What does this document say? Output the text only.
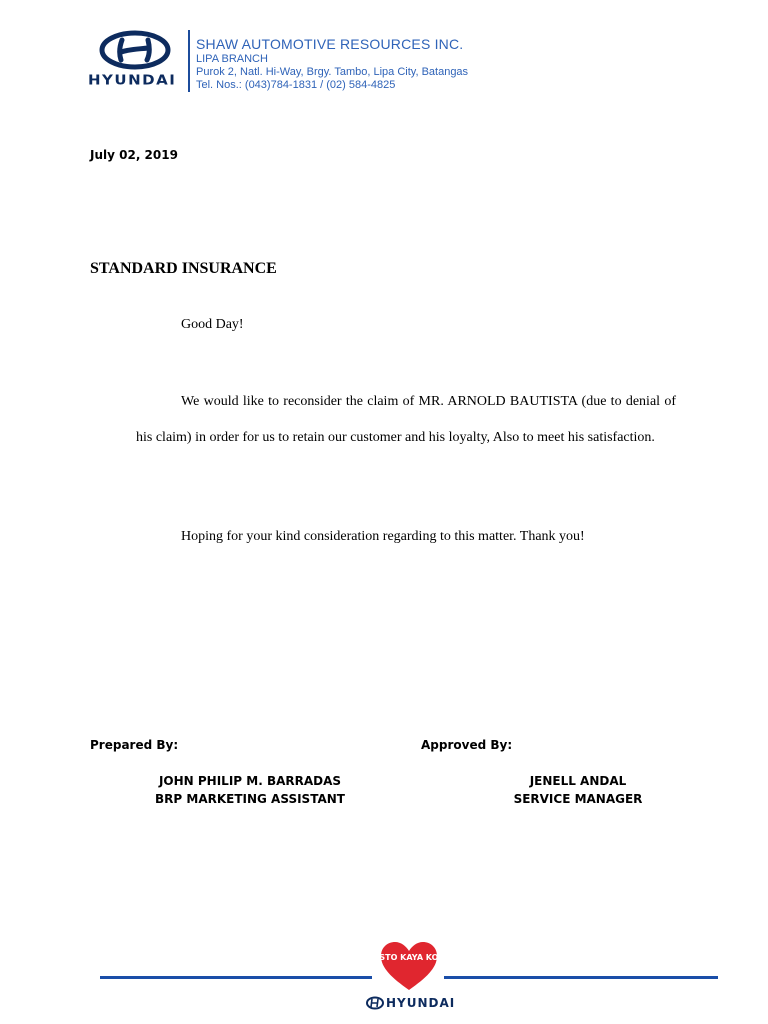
HYUNDAI
SHAW AUTOMOTIVE RESOURCES INC.
LIPA BRANCH
Purok 2, Natl. Hi-Way, Brgy. Tambo, Lipa City, Batangas
Tel. Nos.: (043)784-1831 / (02) 584-4825
July 02, 2019
STANDARD INSURANCE
Good Day!
We would like to reconsider the claim of MR. ARNOLD BAUTISTA (due to denial of his claim) in order for us to retain our customer and his loyalty, Also to meet his satisfaction.
Hoping for your kind consideration regarding to this matter. Thank you!
Prepared By:	Approved By:
JOHN PHILIP M. BARRADAS
BRP MARKETING ASSISTANT
JENELL ANDAL
SERVICE MANAGER
GUSTO KAYA KONG
HYUNDAI
